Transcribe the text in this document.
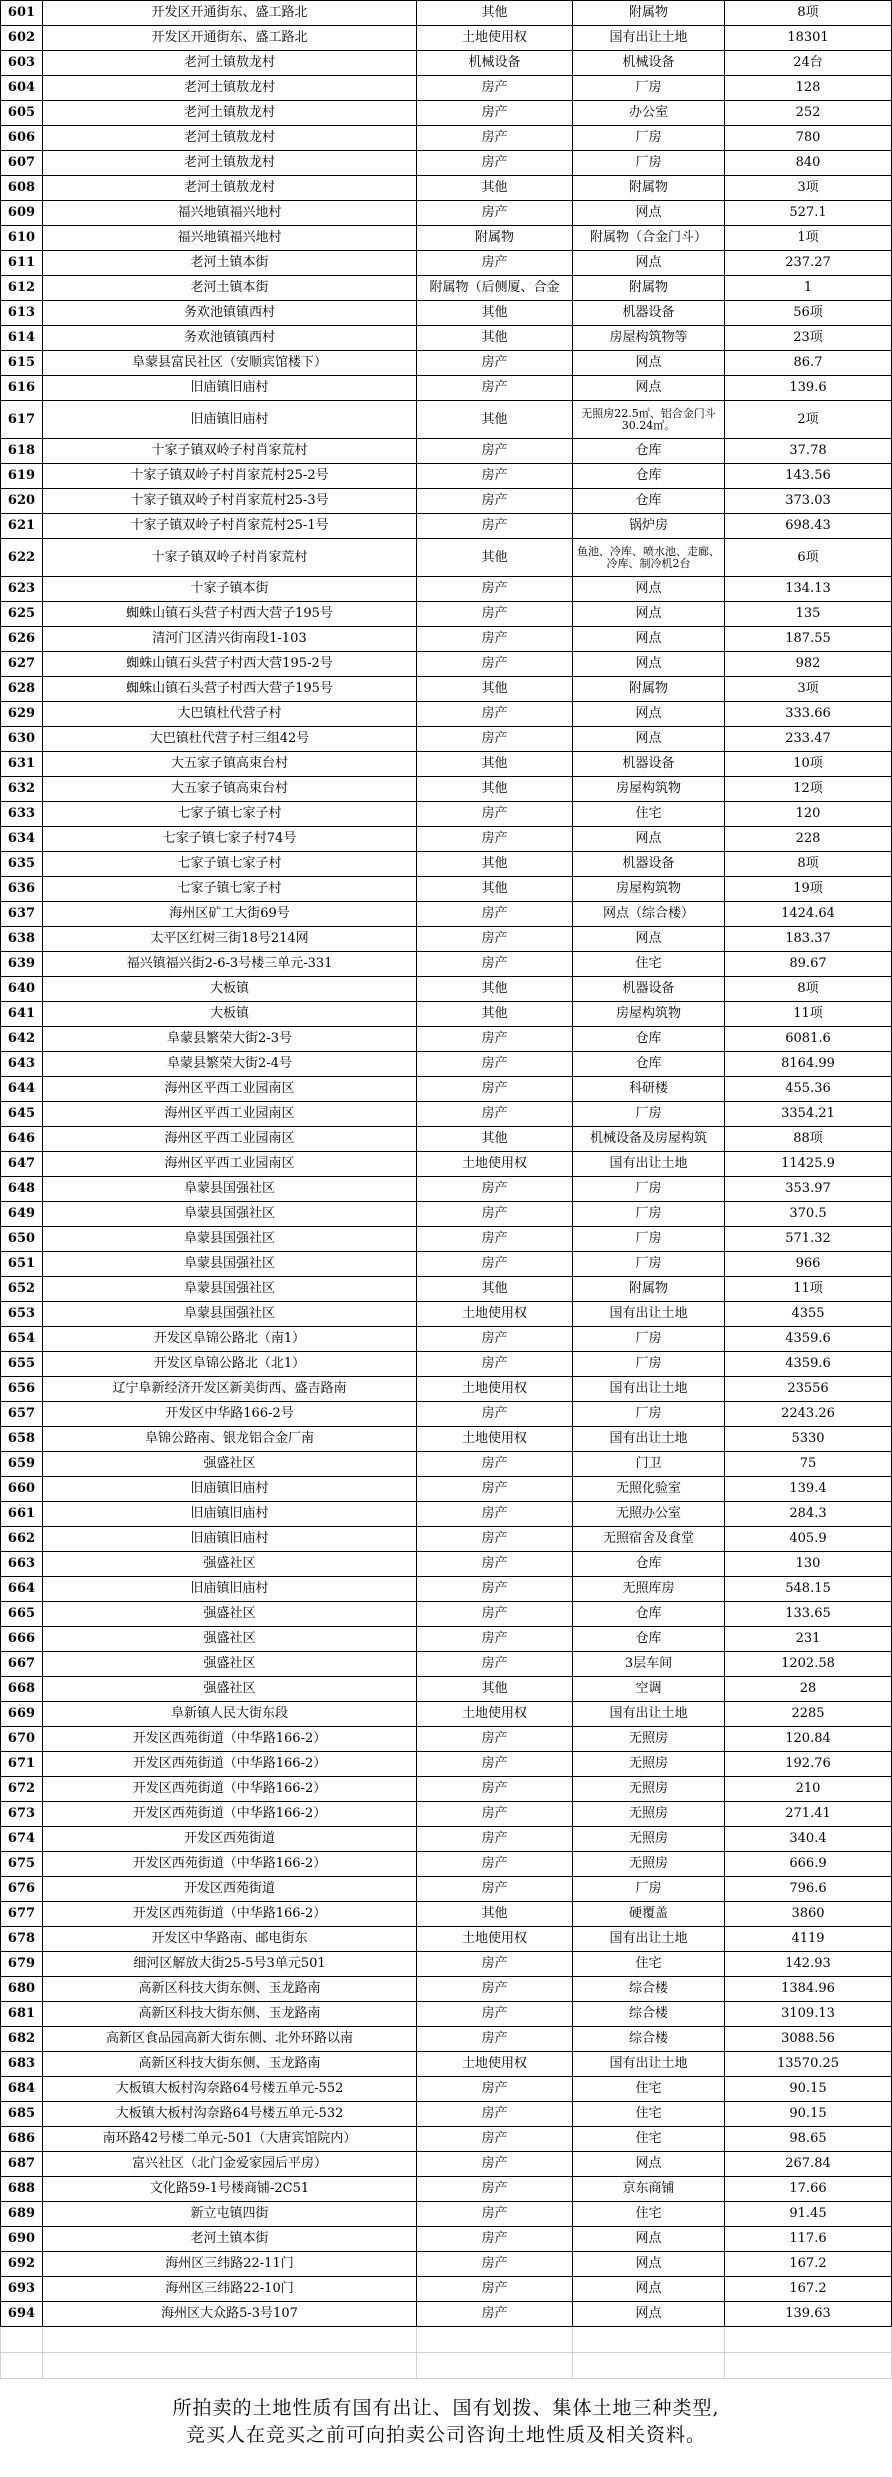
601	开发区开通街东、盛工路北	其他	附属物	8项
602	开发区开通街东、盛工路北	土地使用权	国有出让土地	18301
603	老河土镇敖龙村	机械设备	机械设备	24台
604	老河土镇敖龙村	房产	厂房	128
605	老河土镇敖龙村	房产	办公室	252
606	老河土镇敖龙村	房产	厂房	780
607	老河土镇敖龙村	房产	厂房	840
608	老河土镇敖龙村	其他	附属物	3项
609	福兴地镇福兴地村	房产	网点	527.1
610	福兴地镇福兴地村	附属物	附属物（合金门斗）	1项
611	老河土镇本街	房产	网点	237.27
612	老河土镇本街	附属物（后侧厦、合金	附属物	1
613	务欢池镇镇西村	其他	机器设备	56项
614	务欢池镇镇西村	其他	房屋构筑物等	23项
615	阜蒙县富民社区（安顺宾馆楼下）	房产	网点	86.7
616	旧庙镇旧庙村	房产	网点	139.6
617	旧庙镇旧庙村	其他	无照房22.5㎡、铝合金门斗30.24㎡。	2项
618	十家子镇双岭子村肖家荒村	房产	仓库	37.78
619	十家子镇双岭子村肖家荒村25-2号	房产	仓库	143.56
620	十家子镇双岭子村肖家荒村25-3号	房产	仓库	373.03
621	十家子镇双岭子村肖家荒村25-1号	房产	锅炉房	698.43
622	十家子镇双岭子村肖家荒村	其他	鱼池、冷库、喷水池、走廊、冷库、制冷机2台	6项
623	十家子镇本街	房产	网点	134.13
625	蜘蛛山镇石头营子村西大营子195号	房产	网点	135
626	清河门区清兴街南段1-103	房产	网点	187.55
627	蜘蛛山镇石头营子村西大营195-2号	房产	网点	982
628	蜘蛛山镇石头营子村西大营子195号	其他	附属物	3项
629	大巴镇杜代营子村	房产	网点	333.66
630	大巴镇杜代营子村三组42号	房产	网点	233.47
631	大五家子镇高束台村	其他	机器设备	10项
632	大五家子镇高束台村	其他	房屋构筑物	12项
633	七家子镇七家子村	房产	住宅	120
634	七家子镇七家子村74号	房产	网点	228
635	七家子镇七家子村	其他	机器设备	8项
636	七家子镇七家子村	其他	房屋构筑物	19项
637	海州区矿工大街69号	房产	网点（综合楼）	1424.64
638	太平区红树三街18号214网	房产	网点	183.37
639	福兴镇福兴街2-6-3号楼三单元-331	房产	住宅	89.67
640	大板镇	其他	机器设备	8项
641	大板镇	其他	房屋构筑物	11项
642	阜蒙县繁荣大街2-3号	房产	仓库	6081.6
643	阜蒙县繁荣大街2-4号	房产	仓库	8164.99
644	海州区平西工业园南区	房产	科研楼	455.36
645	海州区平西工业园南区	房产	厂房	3354.21
646	海州区平西工业园南区	其他	机械设备及房屋构筑	88项
647	海州区平西工业园南区	土地使用权	国有出让土地	11425.9
648	阜蒙县国强社区	房产	厂房	353.97
649	阜蒙县国强社区	房产	厂房	370.5
650	阜蒙县国强社区	房产	厂房	571.32
651	阜蒙县国强社区	房产	厂房	966
652	阜蒙县国强社区	其他	附属物	11项
653	阜蒙县国强社区	土地使用权	国有出让土地	4355
654	开发区阜锦公路北（南1）	房产	厂房	4359.6
655	开发区阜锦公路北（北1）	房产	厂房	4359.6
656	辽宁阜新经济开发区新美街西、盛吉路南	土地使用权	国有出让土地	23556
657	开发区中华路166-2号	房产	厂房	2243.26
658	阜锦公路南、银龙铝合金厂南	土地使用权	国有出让土地	5330
659	强盛社区	房产	门卫	75
660	旧庙镇旧庙村	房产	无照化验室	139.4
661	旧庙镇旧庙村	房产	无照办公室	284.3
662	旧庙镇旧庙村	房产	无照宿舍及食堂	405.9
663	强盛社区	房产	仓库	130
664	旧庙镇旧庙村	房产	无照库房	548.15
665	强盛社区	房产	仓库	133.65
666	强盛社区	房产	仓库	231
667	强盛社区	房产	3层车间	1202.58
668	强盛社区	其他	空调	28
669	阜新镇人民大街东段	土地使用权	国有出让土地	2285
670	开发区西苑街道（中华路166-2）	房产	无照房	120.84
671	开发区西苑街道（中华路166-2）	房产	无照房	192.76
672	开发区西苑街道（中华路166-2）	房产	无照房	210
673	开发区西苑街道（中华路166-2）	房产	无照房	271.41
674	开发区西苑街道	房产	无照房	340.4
675	开发区西苑街道（中华路166-2）	房产	无照房	666.9
676	开发区西苑街道	房产	厂房	796.6
677	开发区西苑街道（中华路166-2）	其他	硬覆盖	3860
678	开发区中华路南、邮电街东	土地使用权	国有出让土地	4119
679	细河区解放大街25-5号3单元501	房产	住宅	142.93
680	高新区科技大街东侧、玉龙路南	房产	综合楼	1384.96
681	高新区科技大街东侧、玉龙路南	房产	综合楼	3109.13
682	高新区食品园高新大街东侧、北外环路以南	房产	综合楼	3088.56
683	高新区科技大街东侧、玉龙路南	土地使用权	国有出让土地	13570.25
684	大板镇大板村沟奈路64号楼五单元-552	房产	住宅	90.15
685	大板镇大板村沟奈路64号楼五单元-532	房产	住宅	90.15
686	南环路42号楼二单元-501（大唐宾馆院内）	房产	住宅	98.65
687	富兴社区（北门金爱家园后平房）	房产	网点	267.84
688	文化路59-1号楼商铺-2C51	房产	京东商铺	17.66
689	新立屯镇四街	房产	住宅	91.45
690	老河土镇本街	房产	网点	117.6
692	海州区三纬路22-11门	房产	网点	167.2
693	海州区三纬路22-10门	房产	网点	167.2
694	海州区大众路5-3号107	房产	网点	139.63

所拍卖的土地性质有国有出让、国有划拨、集体土地三种类型,
竞买人在竞买之前可向拍卖公司咨询土地性质及相关资料。
